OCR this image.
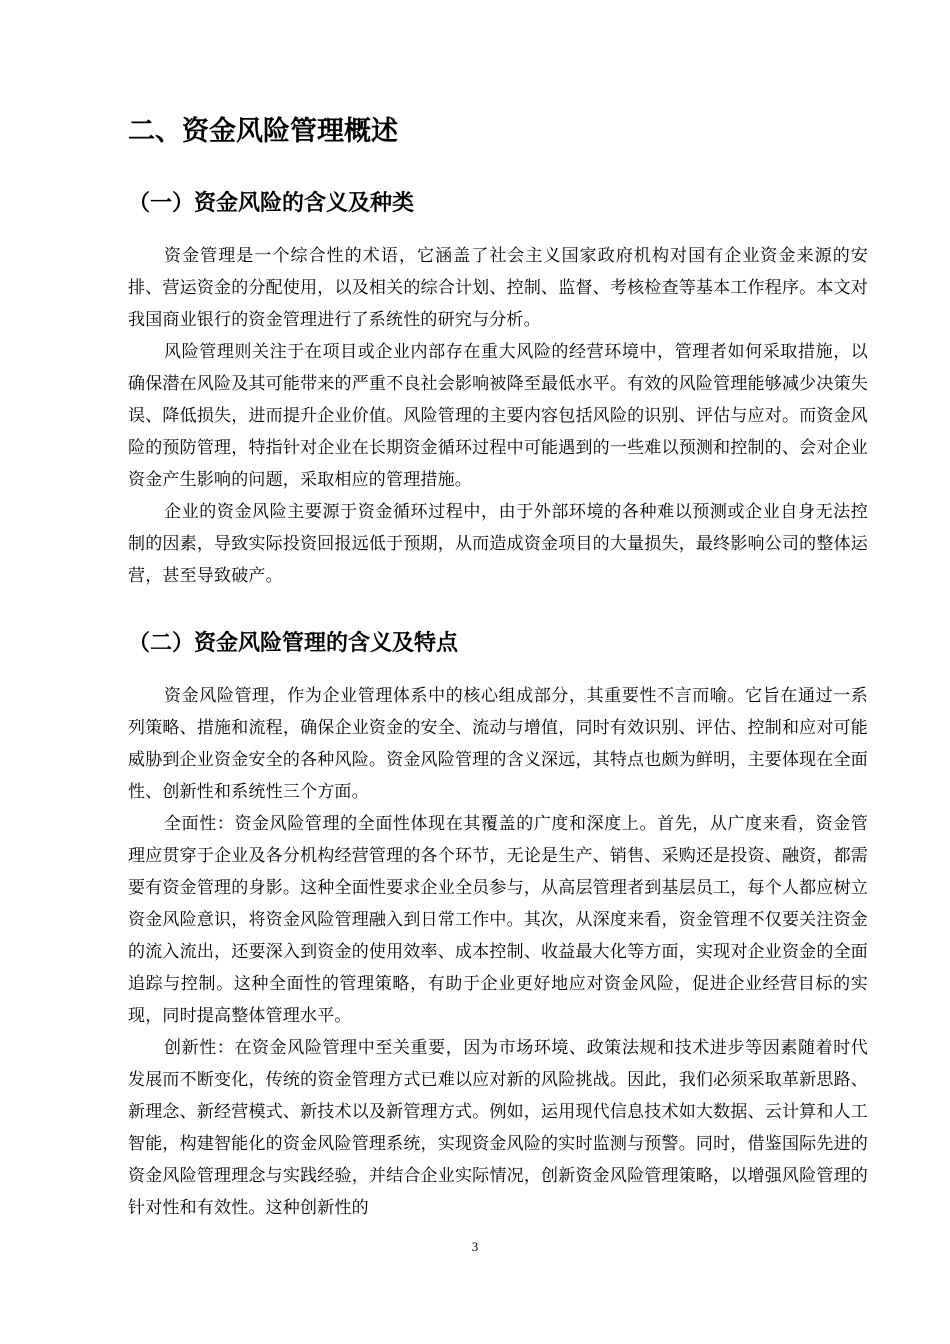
二、资金风险管理概述
（一）资金风险的含义及种类

资金管理是一个综合性的术语，它涵盖了社会主义国家政府机构对国有企业资金来源的安排、营运资金的分配使用，以及相关的综合计划、控制、监督、考核检查等基本工作程序。本文对我国商业银行的资金管理进行了系统性的研究与分析。

风险管理则关注于在项目或企业内部存在重大风险的经营环境中，管理者如何采取措施，以确保潜在风险及其可能带来的严重不良社会影响被降至最低水平。有效的风险管理能够减少决策失误、降低损失，进而提升企业价值。风险管理的主要内容包括风险的识别、评估与应对。而资金风险的预防管理，特指针对企业在长期资金循环过程中可能遇到的一些难以预测和控制的、会对企业资金产生影响的问题，采取相应的管理措施。

企业的资金风险主要源于资金循环过程中，由于外部环境的各种难以预测或企业自身无法控制的因素，导致实际投资回报远低于预期，从而造成资金项目的大量损失，最终影响公司的整体运营，甚至导致破产。

（二）资金风险管理的含义及特点

资金风险管理，作为企业管理体系中的核心组成部分，其重要性不言而喻。它旨在通过一系列策略、措施和流程，确保企业资金的安全、流动与增值，同时有效识别、评估、控制和应对可能威胁到企业资金安全的各种风险。资金风险管理的含义深远，其特点也颇为鲜明，主要体现在全面性、创新性和系统性三个方面。

全面性：资金风险管理的全面性体现在其覆盖的广度和深度上。首先，从广度来看，资金管理应贯穿于企业及各分机构经营管理的各个环节，无论是生产、销售、采购还是投资、融资，都需要有资金管理的身影。这种全面性要求企业全员参与，从高层管理者到基层员工，每个人都应树立资金风险意识，将资金风险管理融入到日常工作中。其次，从深度来看，资金管理不仅要关注资金的流入流出，还要深入到资金的使用效率、成本控制、收益最大化等方面，实现对企业资金的全面追踪与控制。这种全面性的管理策略，有助于企业更好地应对资金风险，促进企业经营目标的实现，同时提高整体管理水平。

创新性：在资金风险管理中至关重要，因为市场环境、政策法规和技术进步等因素随着时代发展而不断变化，传统的资金管理方式已难以应对新的风险挑战。因此，我们必须采取革新思路、新理念、新经营模式、新技术以及新管理方式。例如，运用现代信息技术如大数据、云计算和人工智能，构建智能化的资金风险管理系统，实现资金风险的实时监测与预警。同时，借鉴国际先进的资金风险管理理念与实践经验，并结合企业实际情况，创新资金风险管理策略，以增强风险管理的针对性和有效性。这种创新性的

3
